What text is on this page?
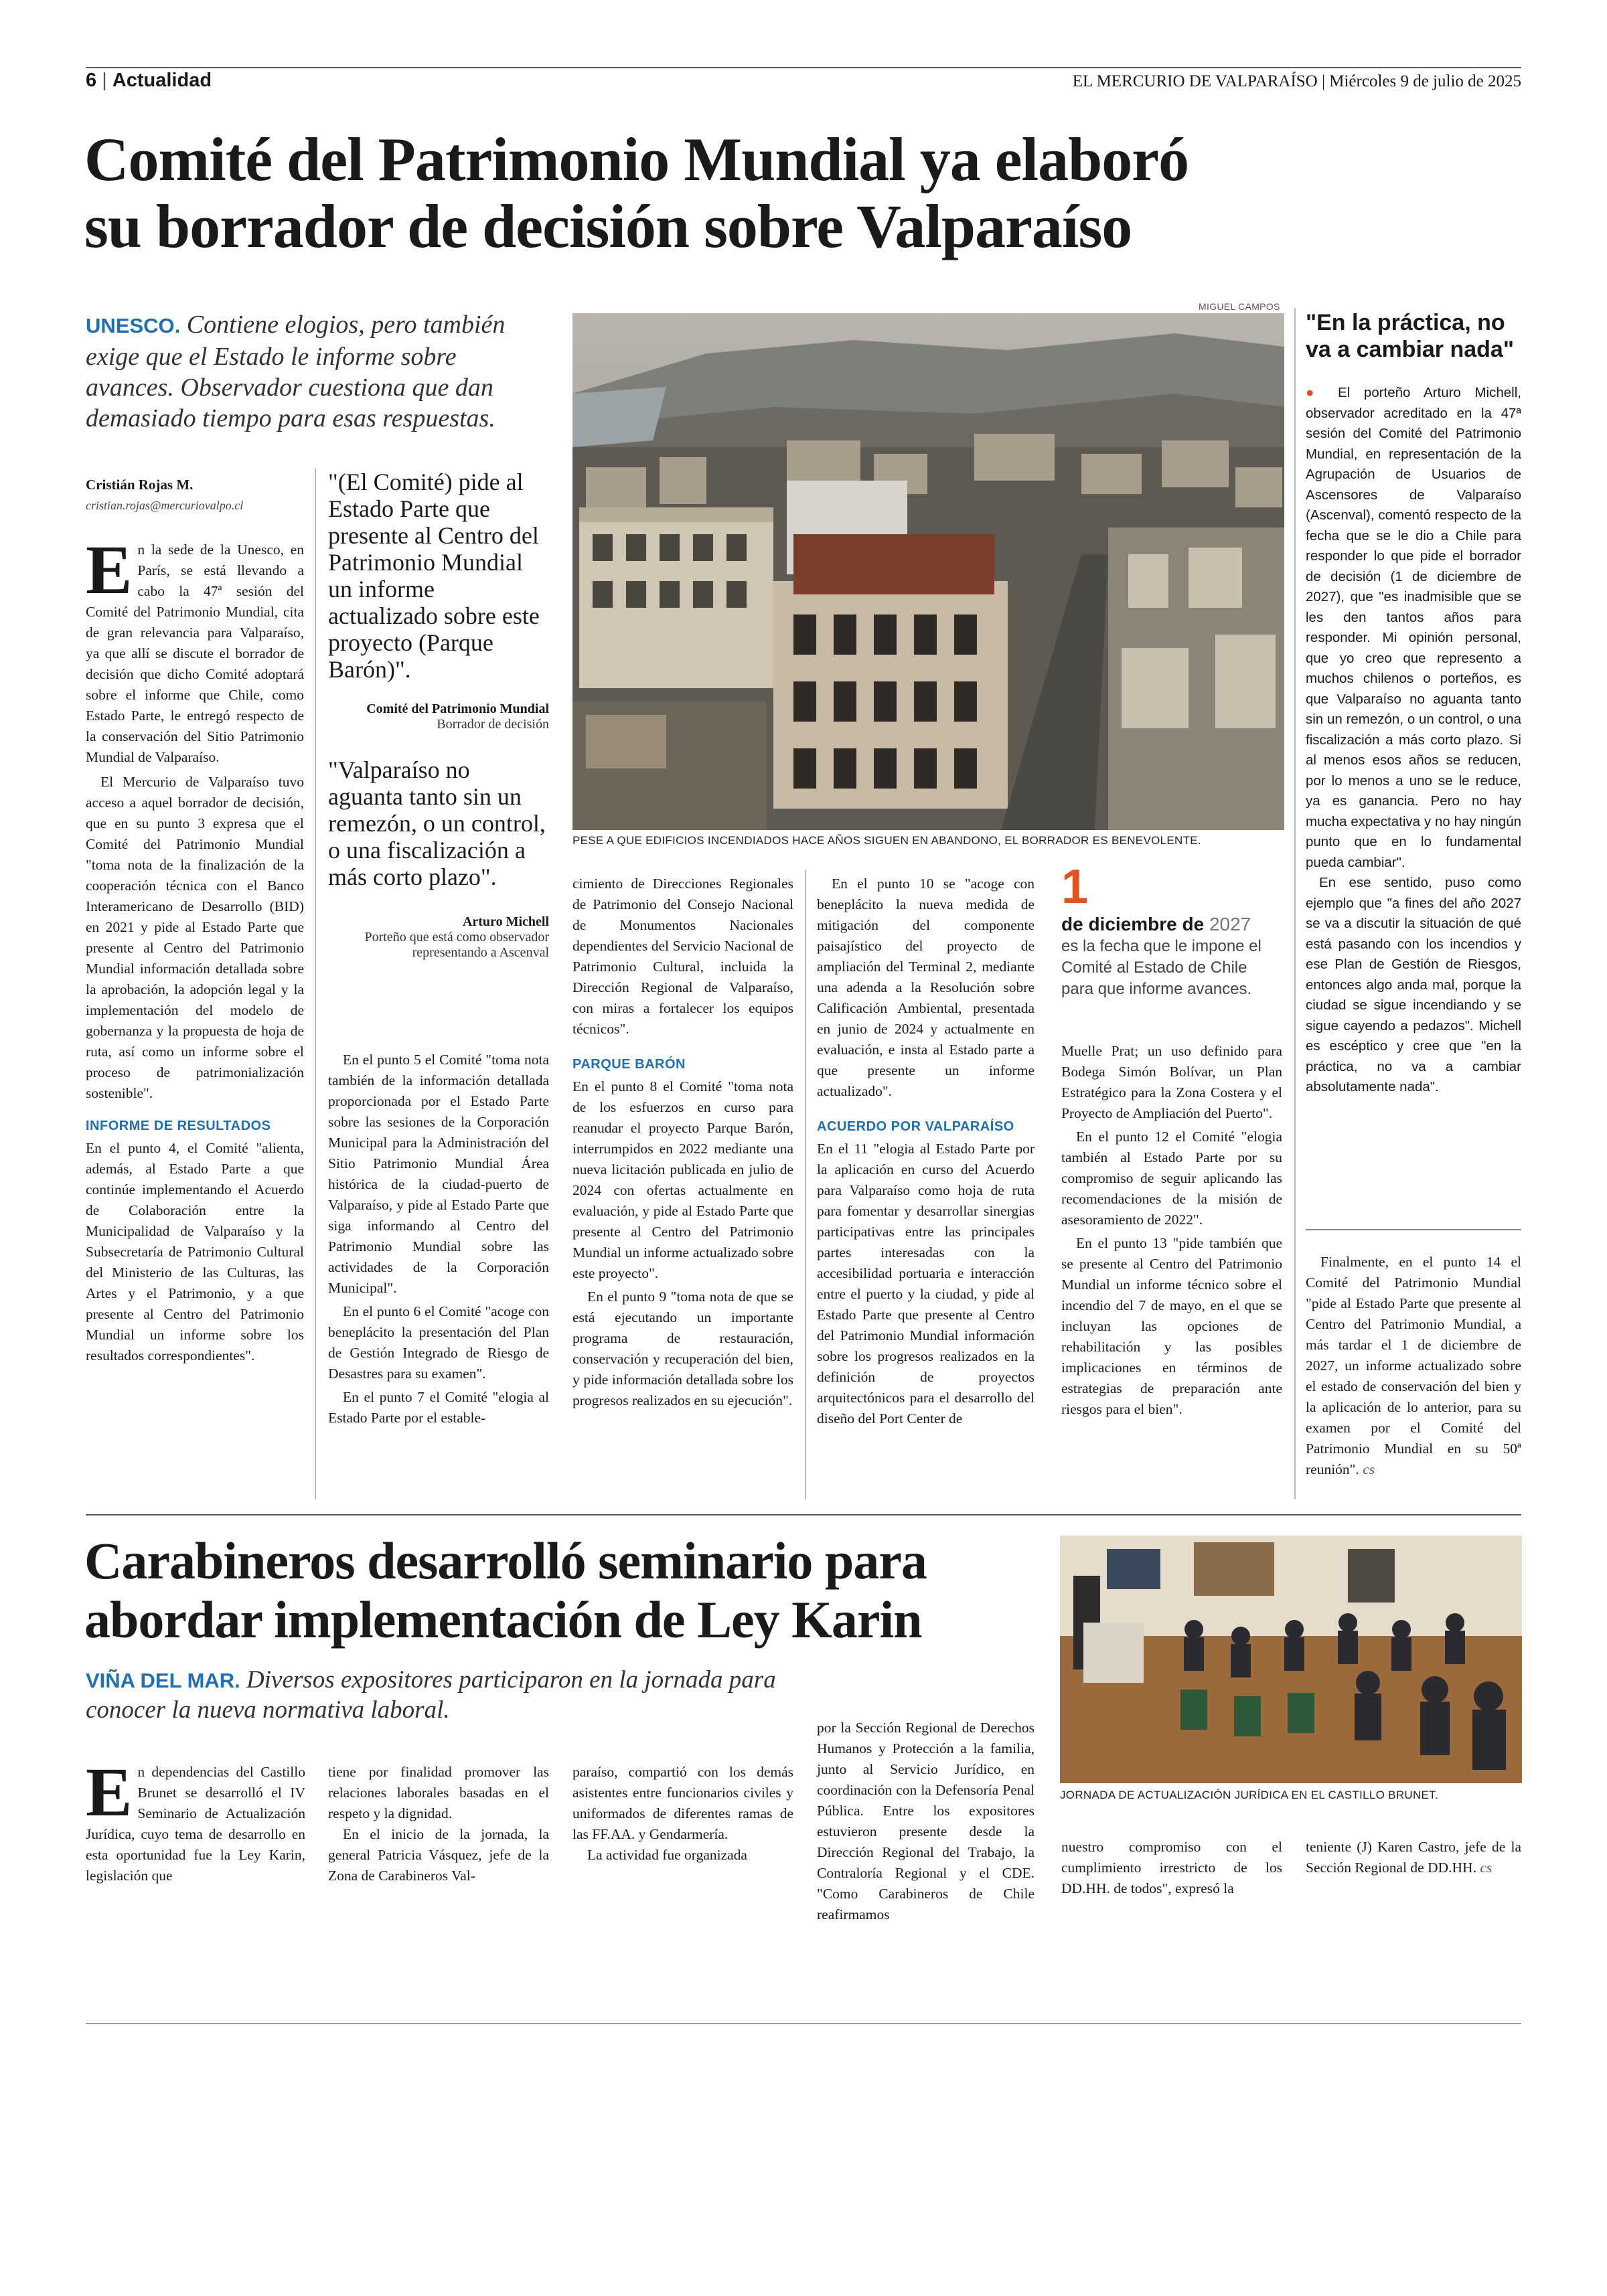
6 | Actualidad	EL MERCURIO DE VALPARAÍSO | Miércoles 9 de julio de 2025
Comité del Patrimonio Mundial ya elaboró
su borrador de decisión sobre Valparaíso
UNESCO. Contiene elogios, pero también exige que el Estado le informe sobre avances. Observador cuestiona que dan demasiado tiempo para esas respuestas.
Cristián Rojas M.
cristian.rojas@mercuriovalpo.cl
E n la sede de la Unesco, en París, se está llevando a cabo la 47ª sesión del Comité del Patrimonio Mundial, cita de gran relevancia para Valparaíso, ya que allí se discute el borrador de decisión que dicho Comité adoptará sobre el informe que Chile, como Estado Parte, le entregó respecto de la conservación del Sitio Patrimonio Mundial de Valparaíso.

El Mercurio de Valparaíso tuvo acceso a aquel borrador de decisión, que en su punto 3 expresa que el Comité del Patrimonio Mundial "toma nota de la finalización de la cooperación técnica con el Banco Interamericano de Desarrollo (BID) en 2021 y pide al Estado Parte que presente al Centro del Patrimonio Mundial información detallada sobre la aprobación, la adopción legal y la implementación del modelo de gobernanza y la propuesta de hoja de ruta, así como un informe sobre el proceso de patrimonialización sostenible".

INFORME DE RESULTADOS

En el punto 4, el Comité "alienta, además, al Estado Parte a que continúe implementando el Acuerdo de Colaboración entre la Municipalidad de Valparaíso y la Subsecretaría de Patrimonio Cultural del Ministerio de las Culturas, las Artes y el Patrimonio, y a que presente al Centro del Patrimonio Mundial un informe sobre los resultados correspondientes".

"(El Comité) pide al Estado Parte que presente al Centro del Patrimonio Mundial un informe actualizado sobre este proyecto (Parque Barón)".
Comité del Patrimonio Mundial
Borrador de decisión
"Valparaíso no aguanta tanto sin un remezón, o un control, o una fiscalización a más corto plazo".
Arturo Michell
Porteño que está como observador representando a Ascenval

En el punto 5 el Comité "toma nota también de la información detallada proporcionada por el Estado Parte sobre las sesiones de la Corporación Municipal para la Administración del Sitio Patrimonio Mundial Área histórica de la ciudad-puerto de Valparaíso, y pide al Estado Parte que siga informando al Centro del Patrimonio Mundial sobre las actividades de la Corporación Municipal".

En el punto 6 el Comité "acoge con beneplácito la presentación del Plan de Gestión Integrado de Riesgo de Desastres para su examen".

En el punto 7 el Comité "elogia al Estado Parte por el estable-

MIGUEL CAMPOS
PESE A QUE EDIFICIOS INCENDIADOS HACE AÑOS SIGUEN EN ABANDONO, EL BORRADOR ES BENEVOLENTE.

cimiento de Direcciones Regionales de Patrimonio del Consejo Nacional de Monumentos Nacionales dependientes del Servicio Nacional de Patrimonio Cultural, incluida la Dirección Regional de Valparaíso, con miras a fortalecer los equipos técnicos".

PARQUE BARÓN

En el punto 8 el Comité "toma nota de los esfuerzos en curso para reanudar el proyecto Parque Barón, interrumpidos en 2022 mediante una nueva licitación publicada en julio de 2024 con ofertas actualmente en evaluación, y pide al Estado Parte que presente al Centro del Patrimonio Mundial un informe actualizado sobre este proyecto".

En el punto 9 "toma nota de que se está ejecutando un importante programa de restauración, conservación y recuperación del bien, y pide información detallada sobre los progresos realizados en su ejecución".

En el punto 10 se "acoge con beneplácito la nueva medida de mitigación del componente paisajístico del proyecto de ampliación del Terminal 2, mediante una adenda a la Resolución sobre Calificación Ambiental, presentada en junio de 2024 y actualmente en evaluación, e insta al Estado parte a que presente un informe actualizado".

ACUERDO POR VALPARAÍSO

En el 11 "elogia al Estado Parte por la aplicación en curso del Acuerdo para Valparaíso como hoja de ruta para fomentar y desarrollar sinergias participativas entre las principales partes interesadas con la accesibilidad portuaria e interacción entre el puerto y la ciudad, y pide al Estado Parte que presente al Centro del Patrimonio Mundial información sobre los progresos realizados en la definición de proyectos arquitectónicos para el desarrollo del diseño del Port Center de

1
de diciembre de 2027
es la fecha que le impone el Comité al Estado de Chile para que informe avances.

Muelle Prat; un uso definido para Bodega Simón Bolívar, un Plan Estratégico para la Zona Costera y el Proyecto de Ampliación del Puerto".

En el punto 12 el Comité "elogia también al Estado Parte por su compromiso de seguir aplicando las recomendaciones de la misión de asesoramiento de 2022".

En el punto 13 "pide también que se presente al Centro del Patrimonio Mundial un informe técnico sobre el incendio del 7 de mayo, en el que se incluyan las opciones de rehabilitación y las posibles implicaciones en términos de estrategias de preparación ante riesgos para el bien".

"En la práctica, no va a cambiar nada"

● El porteño Arturo Michell, observador acreditado en la 47ª sesión del Comité del Patrimonio Mundial, en representación de la Agrupación de Usuarios de Ascensores de Valparaíso (Ascenval), comentó respecto de la fecha que se le dio a Chile para responder lo que pide el borrador de decisión (1 de diciembre de 2027), que "es inadmisible que se les den tantos años para responder. Mi opinión personal, que yo creo que represento a muchos chilenos o porteños, es que Valparaíso no aguanta tanto sin un remezón, o un control, o una fiscalización a más corto plazo. Si al menos esos años se reducen, por lo menos a uno se le reduce, ya es ganancia. Pero no hay mucha expectativa y no hay ningún punto que en lo fundamental pueda cambiar".

En ese sentido, puso como ejemplo que "a fines del año 2027 se va a discutir la situación de qué está pasando con los incendios y ese Plan de Gestión de Riesgos, entonces algo anda mal, porque la ciudad se sigue incendiando y se sigue cayendo a pedazos". Michell es escéptico y cree que "en la práctica, no va a cambiar absolutamente nada".

Finalmente, en el punto 14 el Comité del Patrimonio Mundial "pide al Estado Parte que presente al Centro del Patrimonio Mundial, a más tardar el 1 de diciembre de 2027, un informe actualizado sobre el estado de conservación del bien y la aplicación de lo anterior, para su examen por el Comité del Patrimonio Mundial en su 50ª reunión". cs

Carabineros desarrolló seminario para
abordar implementación de Ley Karin
VIÑA DEL MAR. Diversos expositores participaron en la jornada para conocer la nueva normativa laboral.
JORNADA DE ACTUALIZACIÓN JURÍDICA EN EL CASTILLO BRUNET.
E n dependencias del Castillo Brunet se desarrolló el IV Seminario de Actualización Jurídica, cuyo tema de desarrollo en esta oportunidad fue la Ley Karin, legislación que

tiene por finalidad promover las relaciones laborales basadas en el respeto y la dignidad.

En el inicio de la jornada, la general Patricia Vásquez, jefe de la Zona de Carabineros Val-

paraíso, compartió con los demás asistentes entre funcionarios civiles y uniformados de diferentes ramas de las FF.AA. y Gendarmería.

La actividad fue organizada

por la Sección Regional de Derechos Humanos y Protección a la familia, junto al Servicio Jurídico, en coordinación con la Defensoría Penal Pública. Entre los expositores estuvieron presente desde la Dirección Regional del Trabajo, la Contraloría Regional y el CDE. "Como Carabineros de Chile reafirmamos

nuestro compromiso con el cumplimiento irrestricto de los DD.HH. de todos", expresó la

teniente (J) Karen Castro, jefe de la Sección Regional de DD.HH. cs
